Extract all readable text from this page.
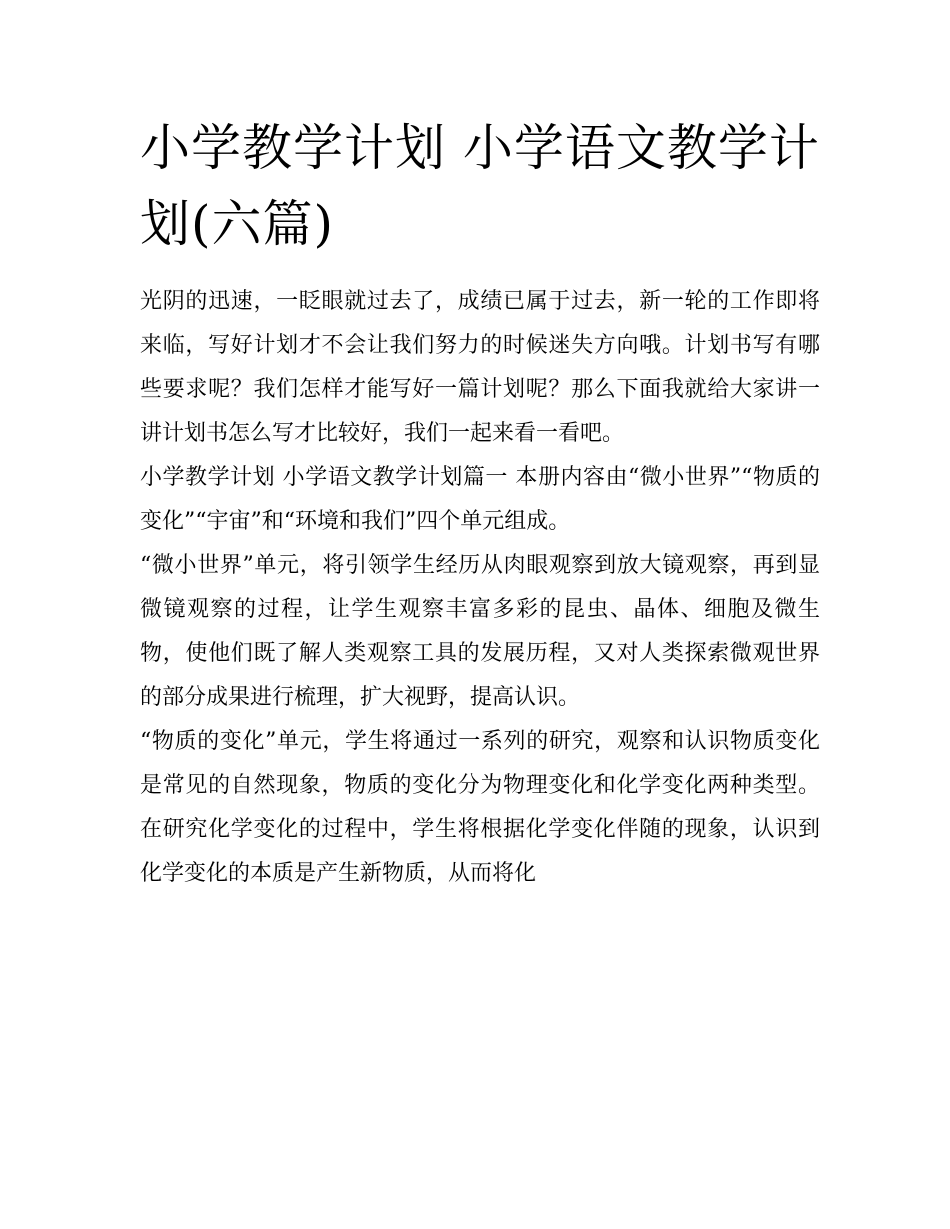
小学教学计划 小学语文教学计划(六篇)

光阴的迅速，一眨眼就过去了，成绩已属于过去，新一轮的工作即将来临，写好计划才不会让我们努力的时候迷失方向哦。计划书写有哪些要求呢？我们怎样才能写好一篇计划呢？那么下面我就给大家讲一讲计划书怎么写才比较好，我们一起来看一看吧。

小学教学计划 小学语文教学计划篇一 本册内容由“微小世界”“物质的变化”“宇宙”和“环境和我们”四个单元组成。

“微小世界”单元，将引领学生经历从肉眼观察到放大镜观察，再到显微镜观察的过程，让学生观察丰富多彩的昆虫、晶体、细胞及微生物，使他们既了解人类观察工具的发展历程，又对人类探索微观世界的部分成果进行梳理，扩大视野，提高认识。

“物质的变化”单元，学生将通过一系列的研究，观察和认识物质变化是常见的自然现象，物质的变化分为物理变化和化学变化两种类型。在研究化学变化的过程中，学生将根据化学变化伴随的现象，认识到化学变化的本质是产生新物质，从而将化
